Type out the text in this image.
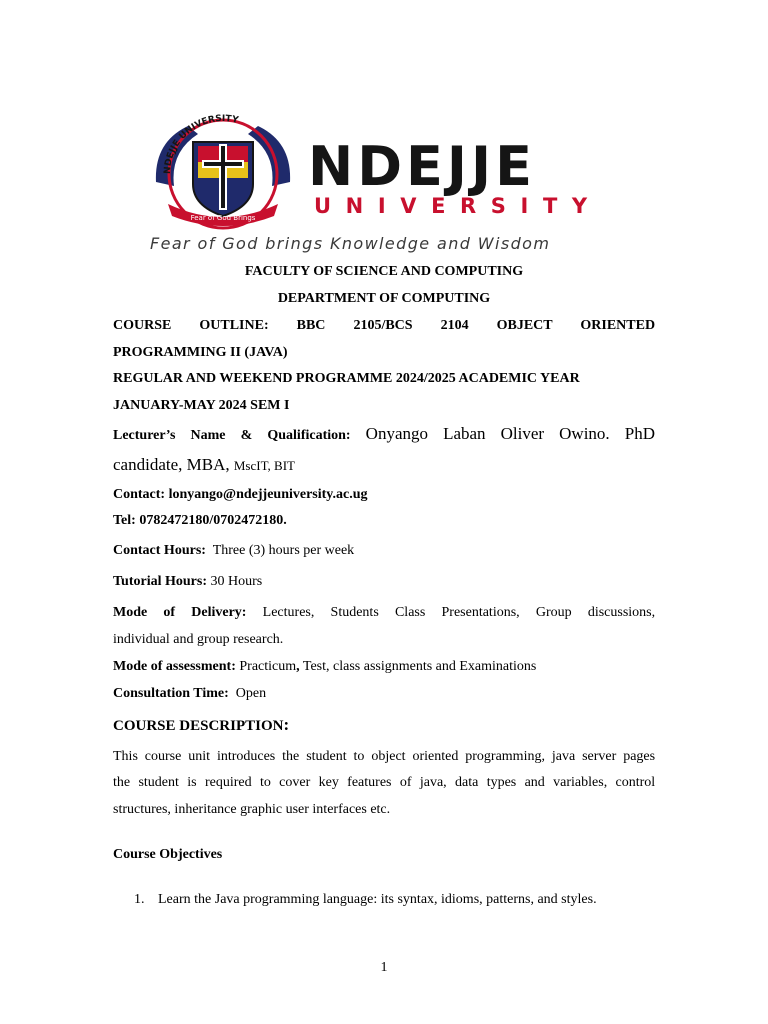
NDEJJE UNIVERSITY
Fear of God Brings
NDEJJE
UNIVERSITY
Fear of God brings Knowledge and Wisdom
FACULTY OF SCIENCE AND COMPUTING
DEPARTMENT OF COMPUTING
COURSE OUTLINE: BBC 2105/BCS 2104 OBJECT ORIENTED
PROGRAMMING II (JAVA)
REGULAR AND WEEKEND PROGRAMME 2024/2025 ACADEMIC YEAR
JANUARY-MAY 2024 SEM I
Lecturer’s Name & Qualification: Onyango Laban Oliver Owino. PhD
candidate, MBA, MscIT, BIT
Contact: lonyango@ndejjeuniversity.ac.ug
Tel: 0782472180/0702472180.
Contact Hours: Three (3) hours per week
Tutorial Hours: 30 Hours
Mode of Delivery: Lectures, Students Class Presentations, Group discussions,
individual and group research.
Mode of assessment: Practicum, Test, class assignments and Examinations
Consultation Time: Open
COURSE DESCRIPTION:
This course unit introduces the student to object oriented programming, java server pages
the student is required to cover key features of java, data types and variables, control
structures, inheritance graphic user interfaces etc.
Course Objectives
1. Learn the Java programming language: its syntax, idioms, patterns, and styles.
1
